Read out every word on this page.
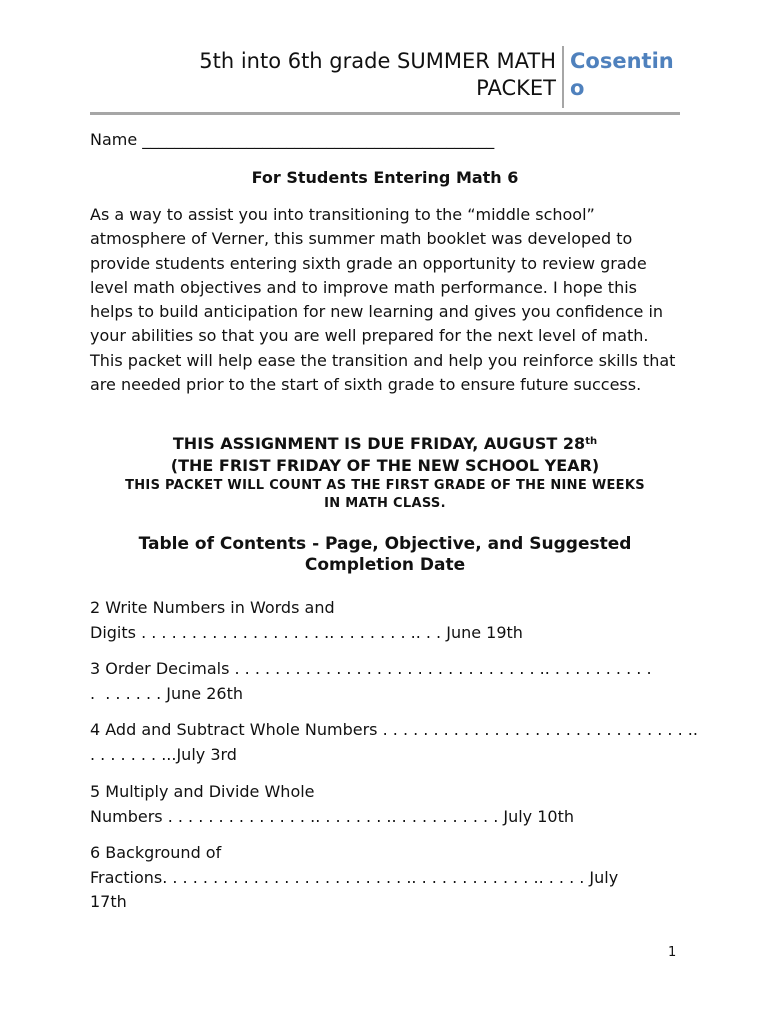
5th into 6th grade SUMMER MATH
PACKET
Cosentino
Name ____________________________________________
For Students Entering Math 6

As a way to assist you into transitioning to the “middle school” atmosphere of Verner, this summer math booklet was developed to provide students entering sixth grade an opportunity to review grade level math objectives and to improve math performance. I hope this helps to build anticipation for new learning and gives you confidence in your abilities so that you are well prepared for the next level of math. This packet will help ease the transition and help you reinforce skills that are needed prior to the start of sixth grade to ensure future success.

THIS ASSIGNMENT IS DUE FRIDAY, AUGUST 28th
(THE FRIST FRIDAY OF THE NEW SCHOOL YEAR)
THIS PACKET WILL COUNT AS THE FIRST GRADE OF THE NINE WEEKS
IN MATH CLASS.
Table of Contents - Page, Objective, and Suggested
Completion Date
2 Write Numbers in Words and
Digits . . . . . . . . . . . . . . . . . . .. . . . . . . . .. . . June 19th
3 Order Decimals . . . . . . . . . . . . . . . . . . . . . . . . . . . . . . .. . . . . . . . . . .
.  . . . . . . June 26th
4 Add and Subtract Whole Numbers . . . . . . . . . . . . . . . . . . . . . . . . . . . . . . ..
. . . . . . . ...July 3rd
5 Multiply and Divide Whole
Numbers . . . . . . . . . . . . . . .. . . . . . . .. . . . . . . . . . . July 10th
6 Background of
Fractions. . . . . . . . . . . . . . . . . . . . . . . . .. . . . . . . . . . . . .. . . . . July
17th
1
